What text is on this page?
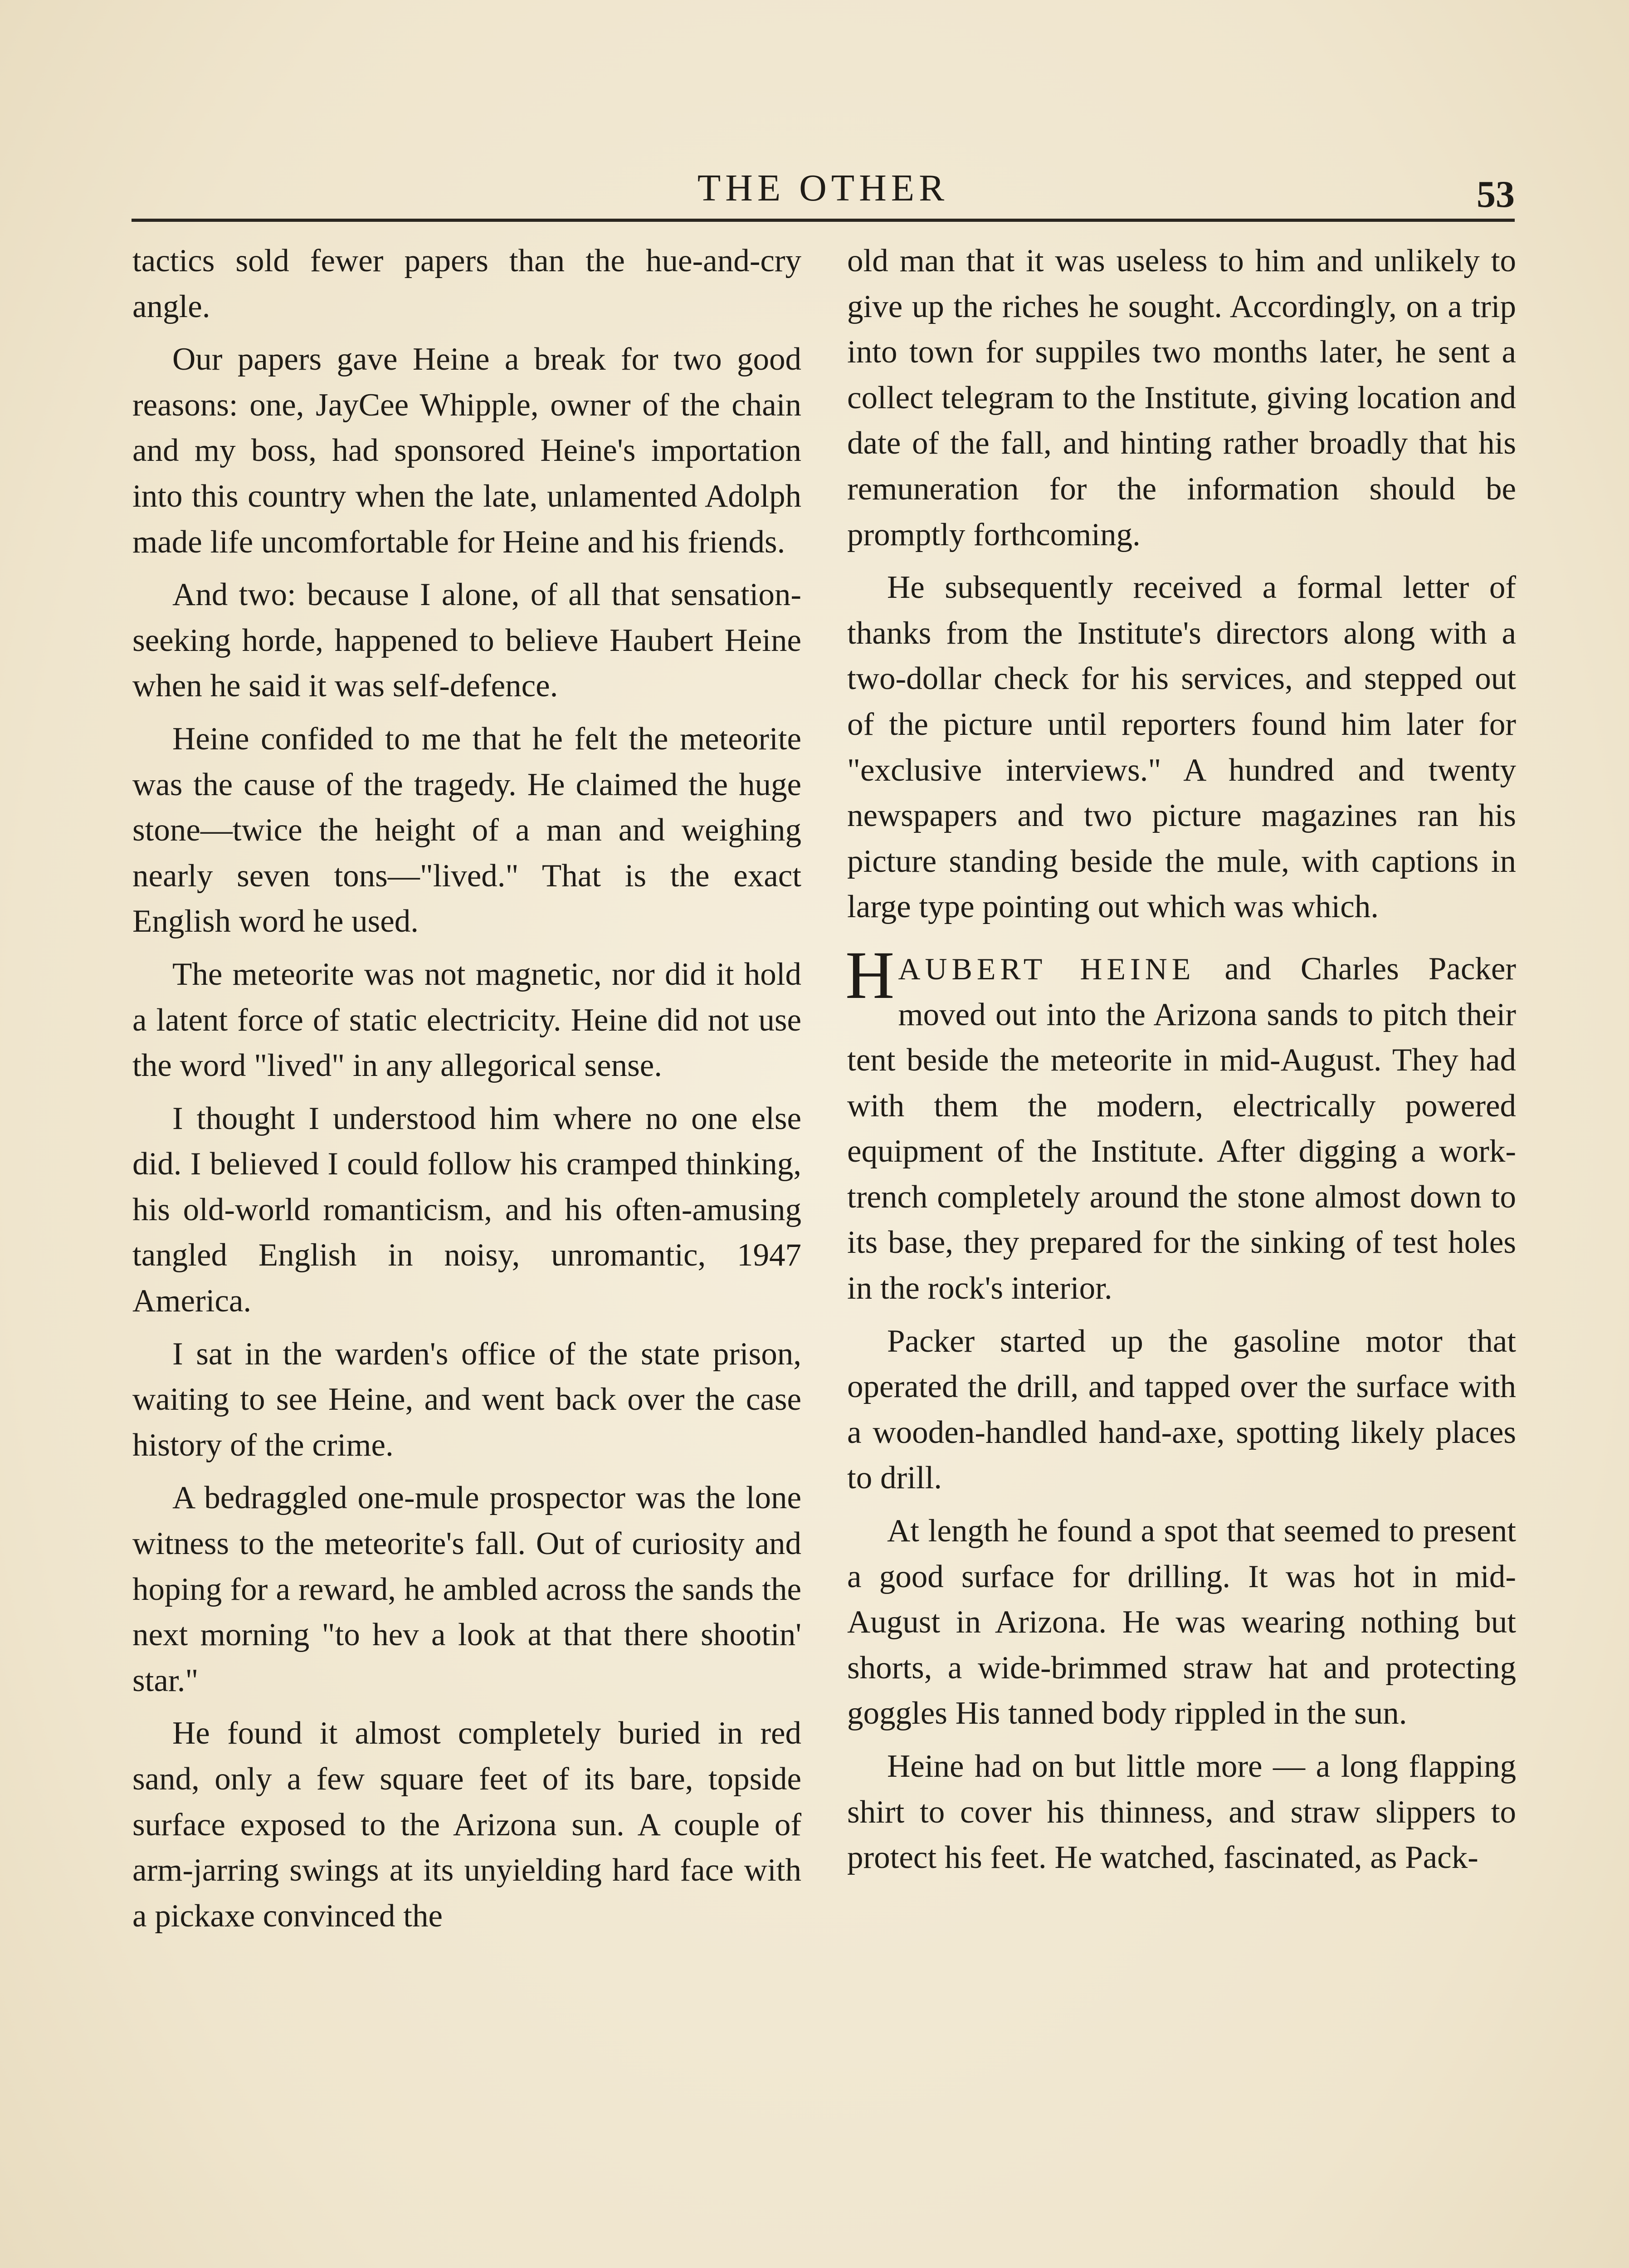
THE OTHER	53

tactics sold fewer papers than the hue-and-cry angle.

Our papers gave Heine a break for two good reasons: one, JayCee Whipple, owner of the chain and my boss, had sponsored Heine's importation into this country when the late, unlamented Adolph made life uncomfortable for Heine and his friends.

And two: because I alone, of all that sensation-seeking horde, happened to believe Haubert Heine when he said it was self-defence.

Heine confided to me that he felt the meteorite was the cause of the tragedy. He claimed the huge stone—twice the height of a man and weighing nearly seven tons—"lived." That is the exact English word he used.

The meteorite was not magnetic, nor did it hold a latent force of static electricity. Heine did not use the word "lived" in any allegorical sense.

I thought I understood him where no one else did. I believed I could follow his cramped thinking, his old-world romanticism, and his often-amusing tangled English in noisy, unromantic, 1947 America.

I sat in the warden's office of the state prison, waiting to see Heine, and went back over the case history of the crime.

A bedraggled one-mule prospector was the lone witness to the meteorite's fall. Out of curiosity and hoping for a reward, he ambled across the sands the next morning "to hev a look at that there shootin' star."

He found it almost completely buried in red sand, only a few square feet of its bare, topside surface exposed to the Arizona sun. A couple of arm-jarring swings at its unyielding hard face with a pickaxe convinced the

old man that it was useless to him and unlikely to give up the riches he sought. Accordingly, on a trip into town for suppiles two months later, he sent a collect telegram to the Institute, giving location and date of the fall, and hinting rather broadly that his remuneration for the information should be promptly forthcoming.

He subsequently received a formal letter of thanks from the Institute's directors along with a two-dollar check for his services, and stepped out of the picture until reporters found him later for "exclusive interviews." A hundred and twenty newspapers and two picture magazines ran his picture standing beside the mule, with captions in large type pointing out which was which.

HAUBERT HEINE and Charles Packer moved out into the Arizona sands to pitch their tent beside the meteorite in mid-August. They had with them the modern, electrically powered equipment of the Institute. After digging a work-trench completely around the stone almost down to its base, they prepared for the sinking of test holes in the rock's interior.

Packer started up the gasoline motor that operated the drill, and tapped over the surface with a wooden-handled hand-axe, spotting likely places to drill.

At length he found a spot that seemed to present a good surface for drilling. It was hot in mid-August in Arizona. He was wearing nothing but shorts, a wide-brimmed straw hat and protecting goggles His tanned body rippled in the sun.

Heine had on but little more — a long flapping shirt to cover his thinness, and straw slippers to protect his feet. He watched, fascinated, as Pack-
